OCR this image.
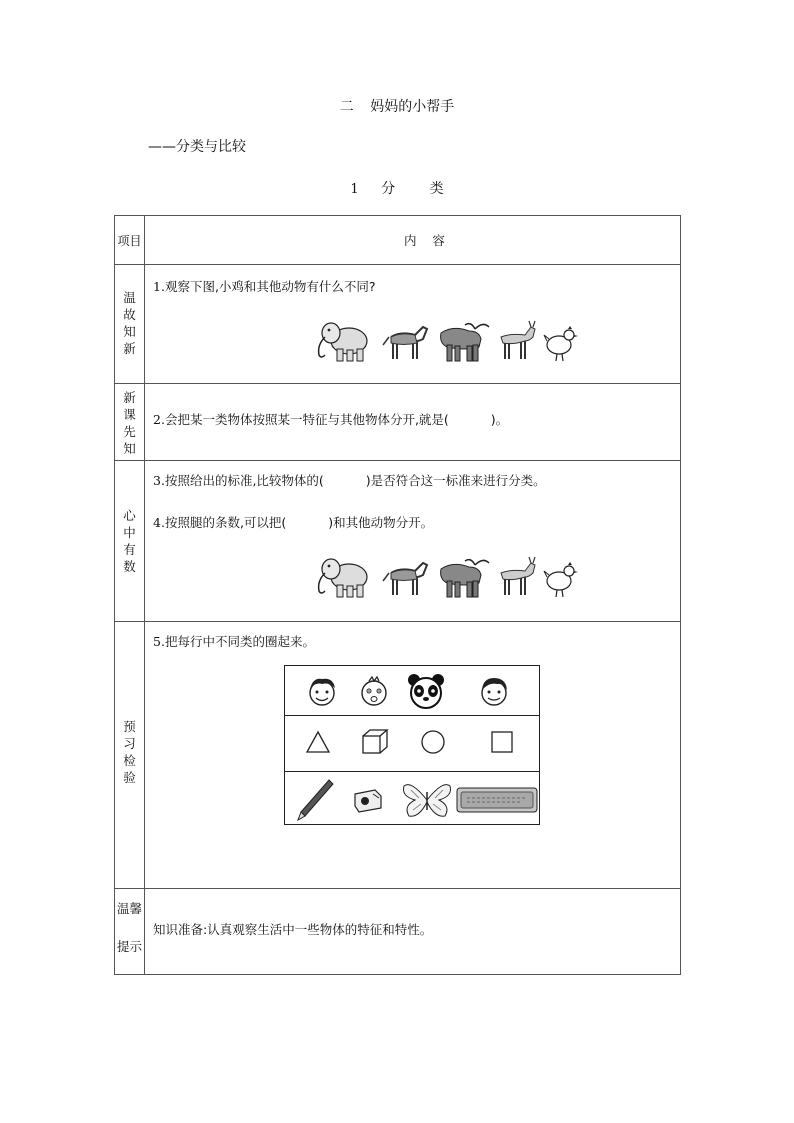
二 妈妈的小帮手
——分类与比较
1 分 类
项目	内    容

温故知新	1.观察下图,小鸡和其他动物有什么不同?

新课先知	2.会把某一类物体按照某一特征与其他物体分开,就是( )。

心中有数	3.按照给出的标准,比较物体的( )是否符合这一标准来进行分类。
4.按照腿的条数,可以把( )和其他动物分开。

预习检验	5.把每行中不同类的圈起来。

温馨
提示	知识准备:认真观察生活中一些物体的特征和特性。
